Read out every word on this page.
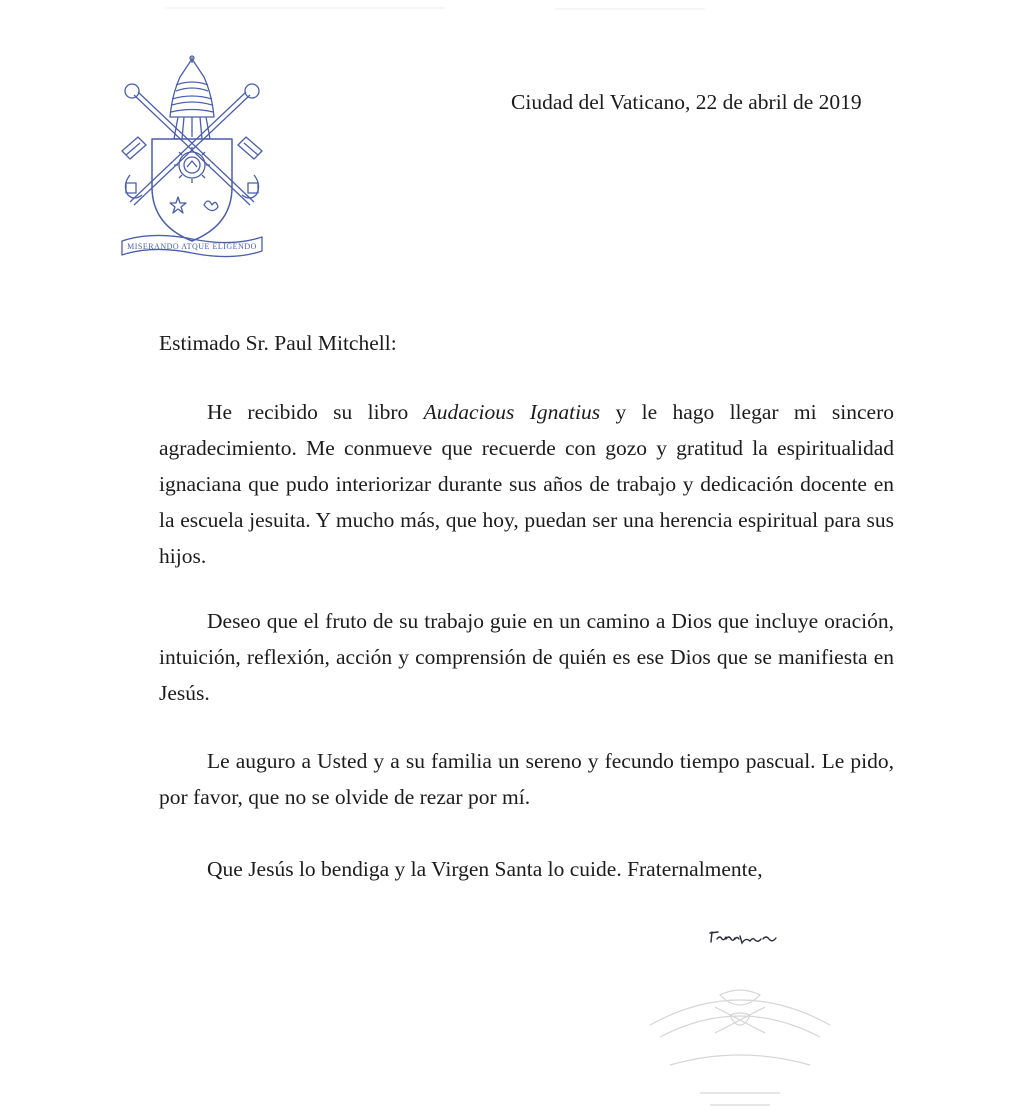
MISERANDO ATQUE ELIGENDO
Ciudad del Vaticano, 22 de abril de 2019
Estimado Sr. Paul Mitchell:

He recibido su libro Audacious Ignatius y le hago llegar mi sincero agradecimiento. Me conmueve que recuerde con gozo y gratitud la espiritualidad ignaciana que pudo interiorizar durante sus años de trabajo y dedicación docente en la escuela jesuita. Y mucho más, que hoy, puedan ser una herencia espiritual para sus hijos.

Deseo que el fruto de su trabajo guie en un camino a Dios que incluye oración, intuición, reflexión, acción y comprensión de quién es ese Dios que se manifiesta en Jesús.

Le auguro a Usted y a su familia un sereno y fecundo tiempo pascual. Le pido, por favor, que no se olvide de rezar por mí.

Que Jesús lo bendiga y la Virgen Santa lo cuide. Fraternalmente,
